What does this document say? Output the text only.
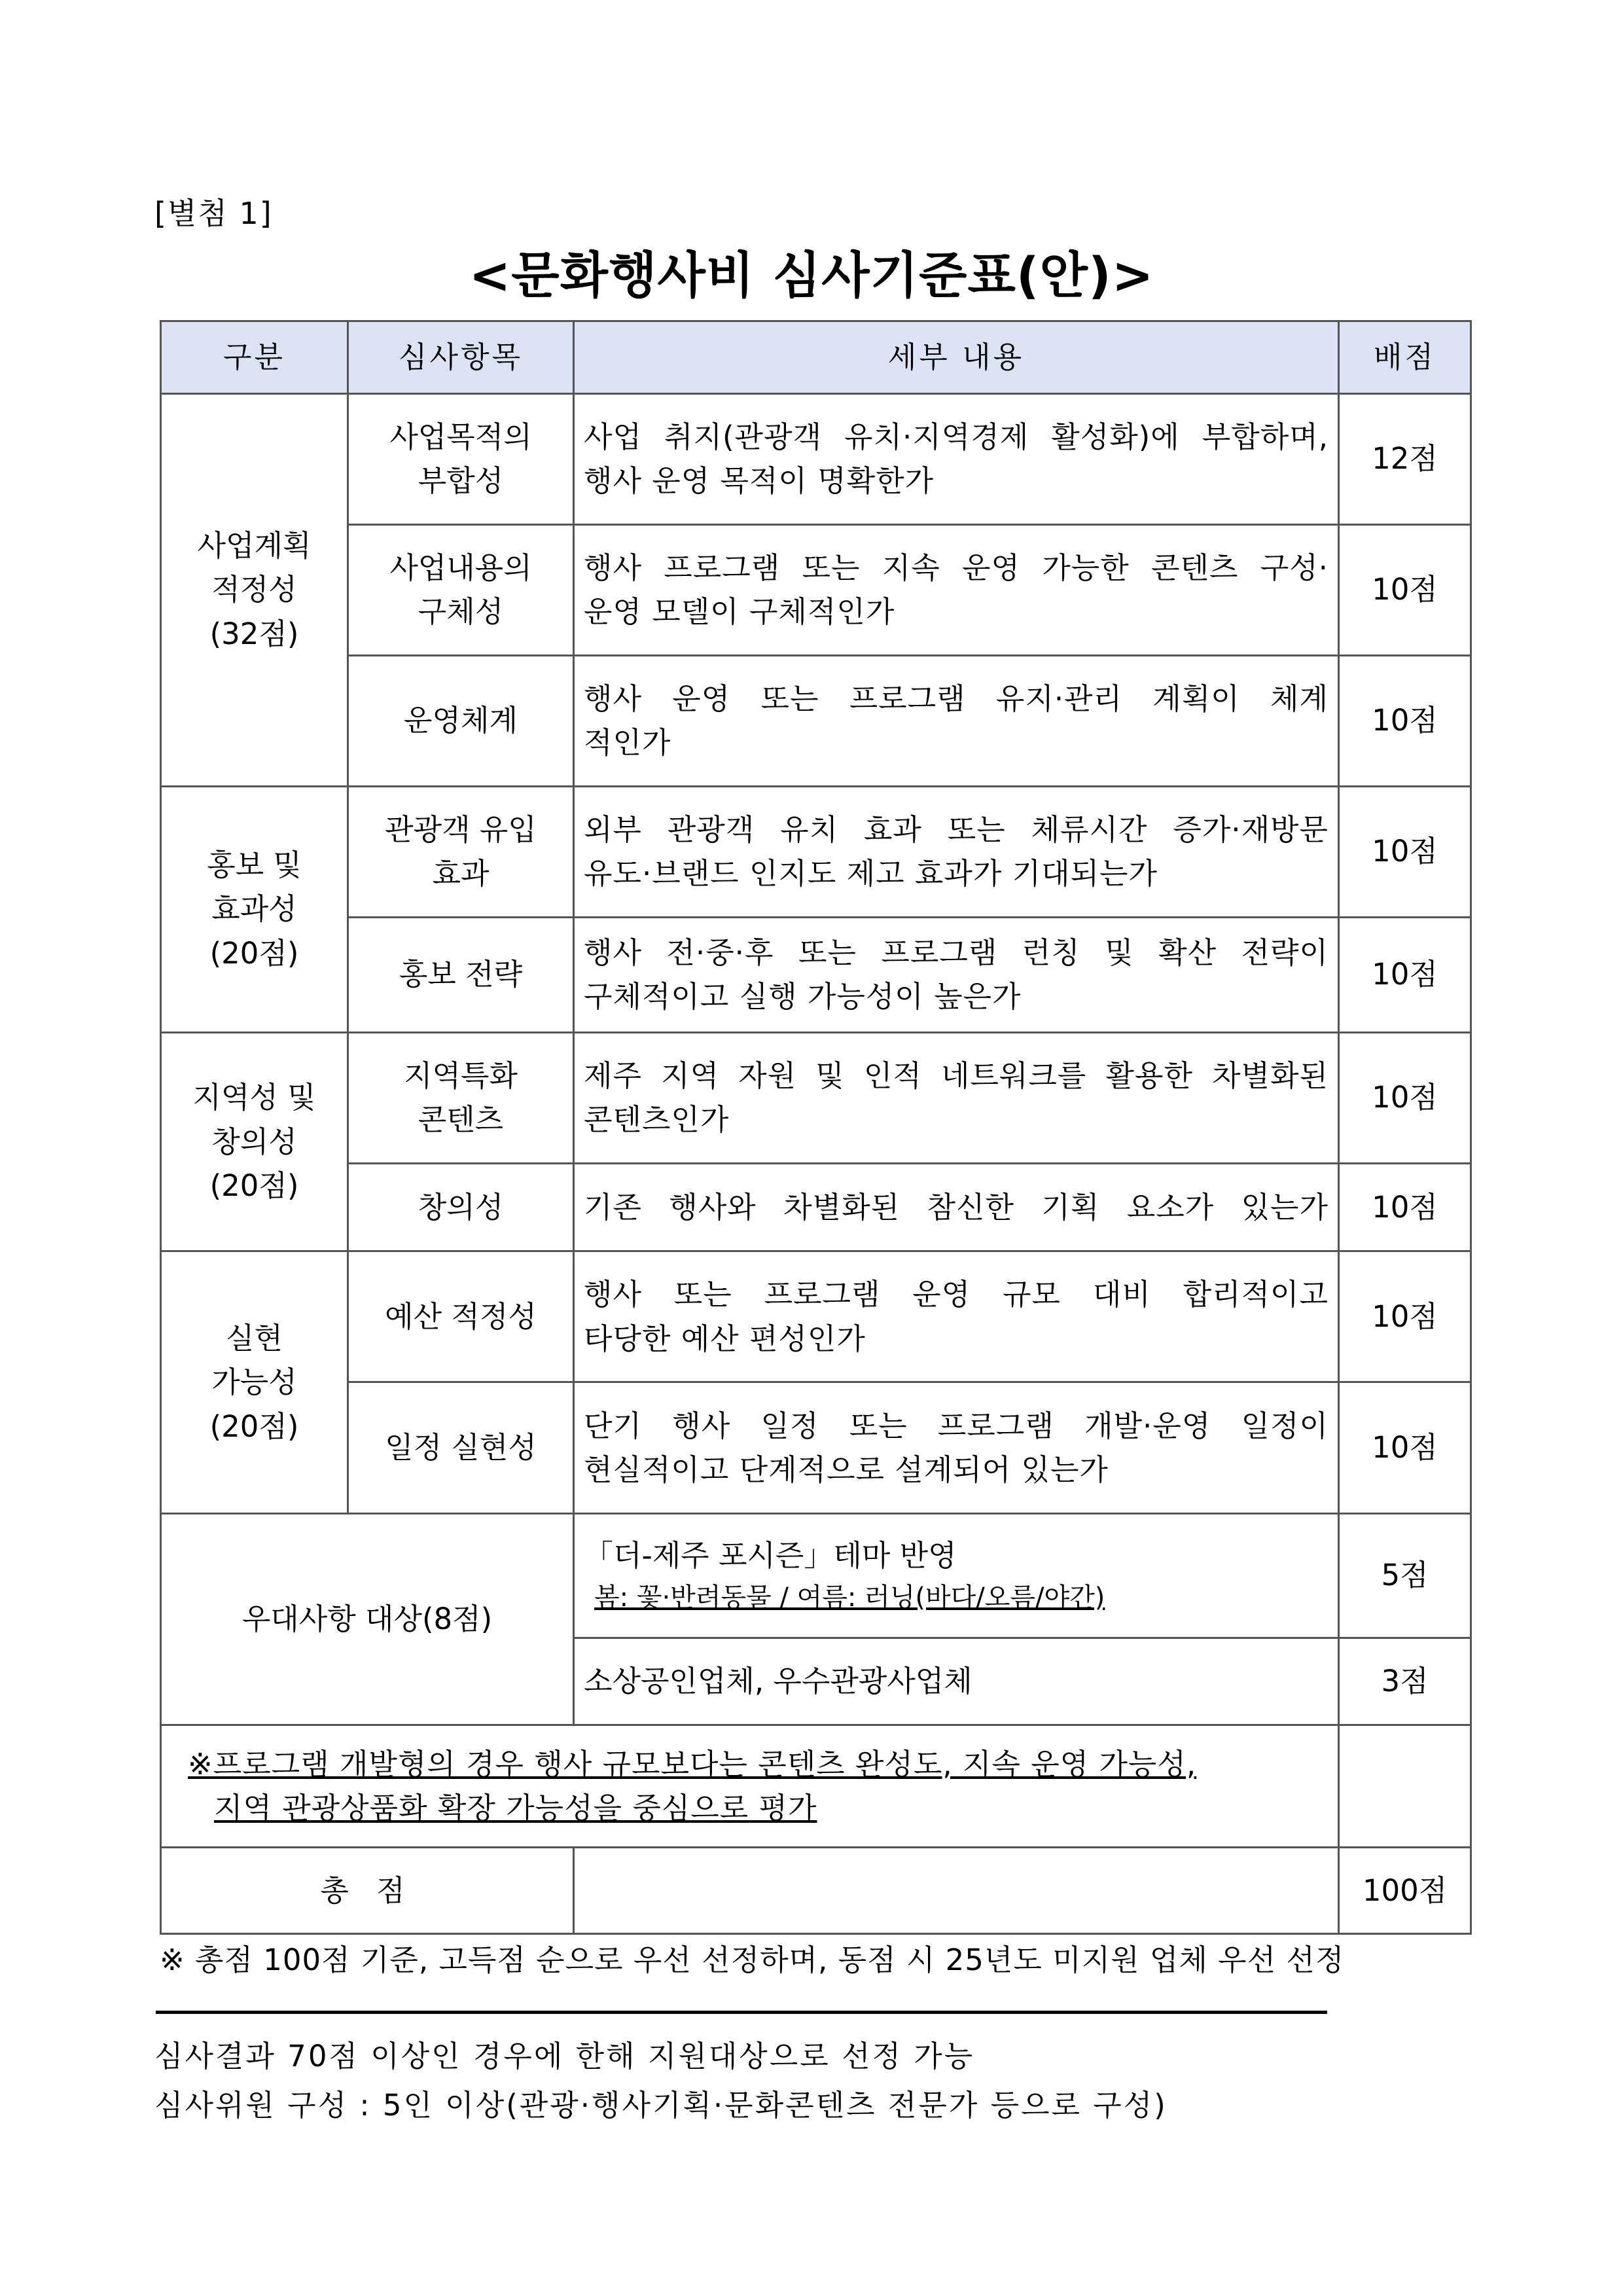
[별첨 1]
<문화행사비 심사기준표(안)>
구분	심사항목	세부 내용	배점

사업계획
적정성
(32점)	사업목적의
부합성	사업 취지(관광객 유치·지역경제 활성화)에 부합하며,
행사 운영 목적이 명확한가	12점

	사업내용의
구체성	행사 프로그램 또는 지속 운영 가능한 콘텐츠 구성·
운영 모델이 구체적인가	10점

	운영체계	행사 운영 또는 프로그램 유지·관리 계획이 체계
적인가	10점

홍보 및
효과성
(20점)	관광객 유입
효과	외부 관광객 유치 효과 또는 체류시간 증가·재방문
유도·브랜드 인지도 제고 효과가 기대되는가	10점

	홍보 전략	행사 전·중·후 또는 프로그램 런칭 및 확산 전략이
구체적이고 실행 가능성이 높은가	10점

지역성 및
창의성
(20점)	지역특화
콘텐츠	제주 지역 자원 및 인적 네트워크를 활용한 차별화된
콘텐츠인가	10점

	창의성	기존 행사와 차별화된 참신한 기획 요소가 있는가	10점

실현
가능성
(20점)	예산 적정성	행사 또는 프로그램 운영 규모 대비 합리적이고
타당한 예산 편성인가	10점

	일정 실현성	단기 행사 일정 또는 프로그램 개발·운영 일정이
현실적이고 단계적으로 설계되어 있는가	10점
우대사항 대상(8점)		「더-제주 포시즌」테마 반영
봄: 꽃·반려동물 / 여름: 러닝(바다/오름/야간)	5점
		소상공인업체, 우수관광사업체	3점

※프로그램 개발형의 경우 행사 규모보다는 콘텐츠 완성도, 지속 운영 가능성,
지역 관광상품화 확장 가능성을 중심으로 평가			

총 점			100점
※ 총점 100점 기준, 고득점 순으로 우선 선정하며, 동점 시 25년도 미지원 업체 우선 선정
심사결과 70점 이상인 경우에 한해 지원대상으로 선정 가능
심사위원 구성 : 5인 이상(관광·행사기획·문화콘텐츠 전문가 등으로 구성)
